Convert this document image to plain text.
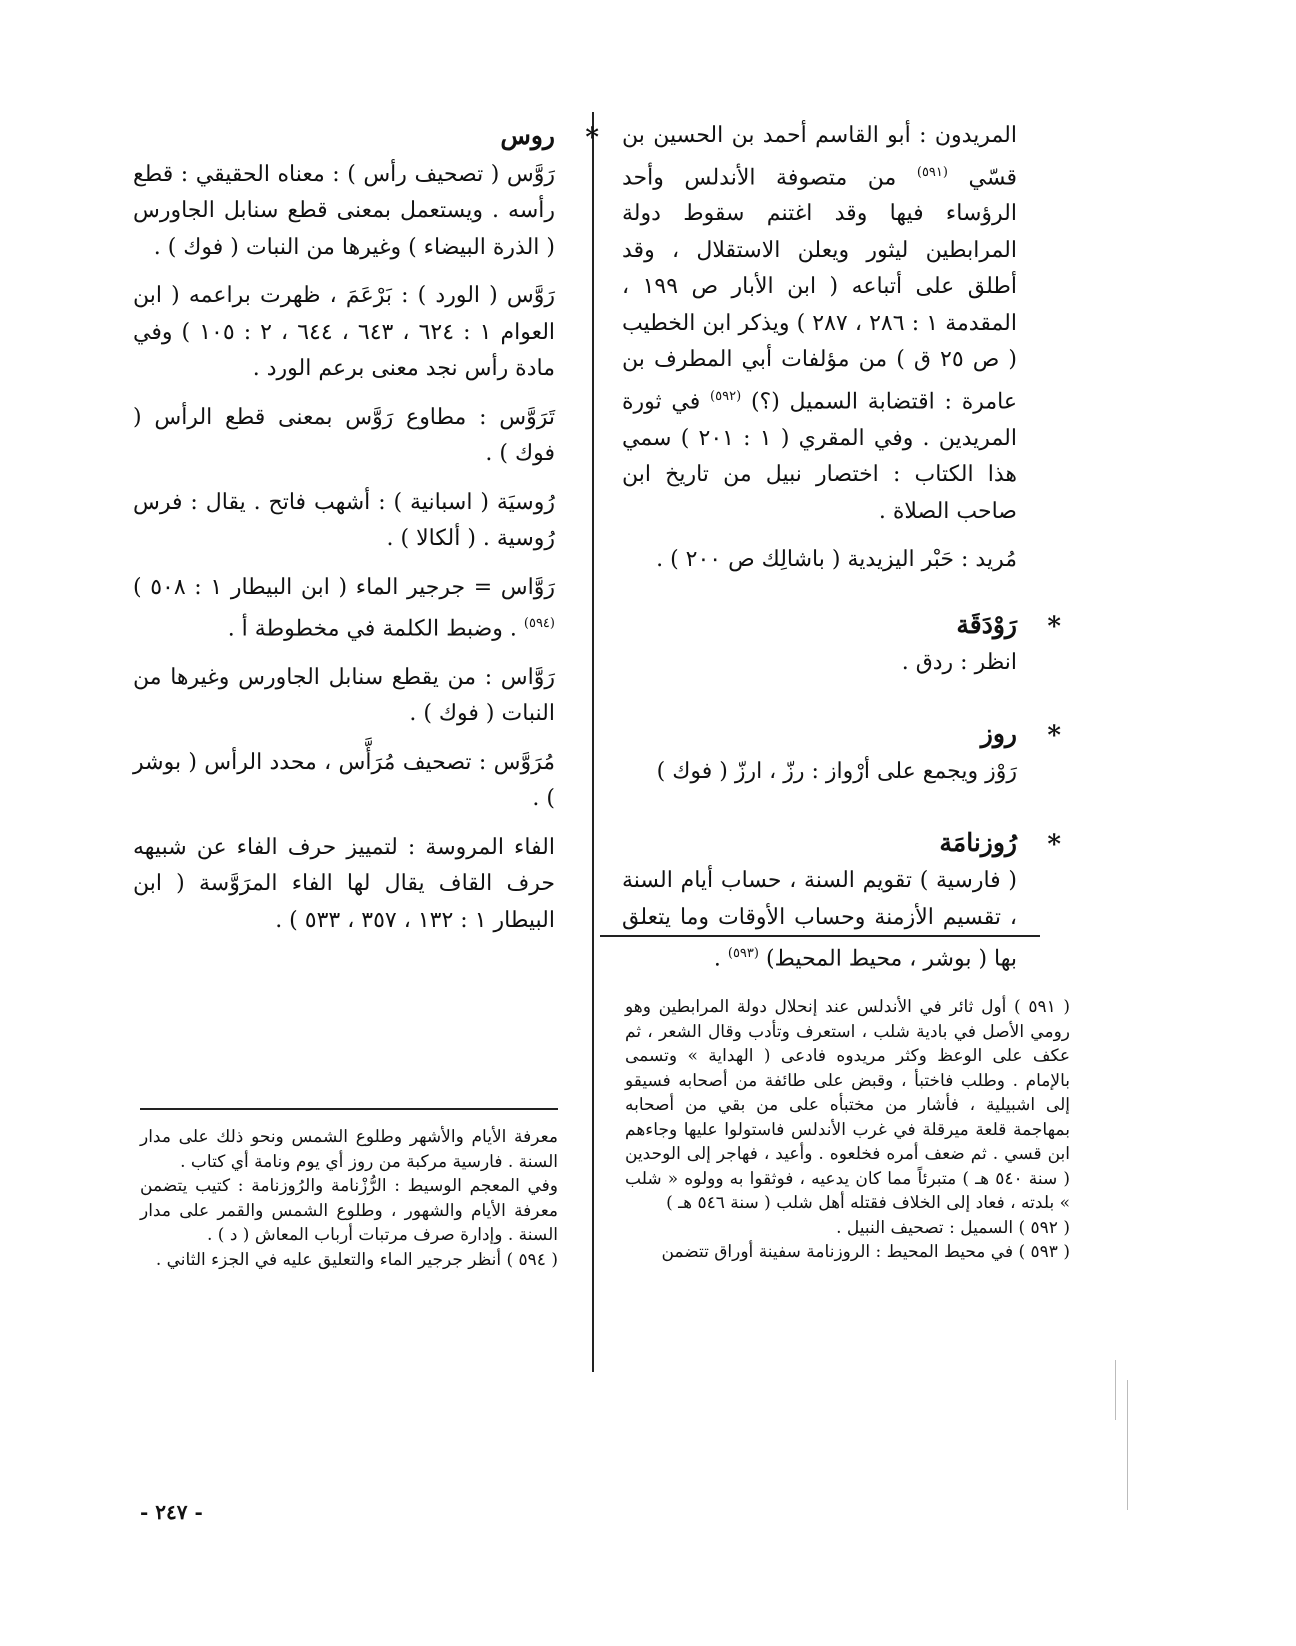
المريدون : أبو القاسم أحمد بن الحسين بن قسّي $^{(٥٩١)}$ من متصوفة الأندلس وأحد الرؤساء فيها وقد اغتنم سقوط دولة المرابطين ليثور ويعلن الاستقلال ، وقد أطلق على أتباعه ( ابن الأبار ص ١٩٩ ، المقدمة ١ : ٢٨٦ ، ٢٨٧ ) ويذكر ابن الخطيب ( ص ٢٥ ق ) من مؤلفات أبي المطرف بن عامرة : اقتضابة السميل (؟) $^{(٥٩٢)}$ في ثورة المريدين . وفي المقري ( ١ : ٢٠١ ) سمي هذا الكتاب : اختصار نبيل من تاريخ ابن صاحب الصلاة .

مُريد : حَبْر اليزيدية ( باشالِك ص ٢٠٠ ) .

*
رَوْدَقَة

انظر : ردق .

*
روز

رَوْز ويجمع على أرْواز : رزّ ، ارزّ ( فوك )

*
رُوزنامَة

( فارسية ) تقويم السنة ، حساب أيام السنة ، تقسيم الأزمنة وحساب الأوقات وما يتعلق بها ( بوشر ، محيط المحيط) $^{(٥٩٣)}$ .

( ٥٩١ ) أول ثائر في الأندلس عند إنحلال دولة المرابطين وهو رومي الأصل في بادية شلب ، استعرف وتأدب وقال الشعر ، ثم عكف على الوعظ وكثر مريدوه فادعى ( الهداية » وتسمى بالإمام . وطلب فاختبأ ، وقبض على طائفة من أصحابه فسيقو إلى اشبيلية ، فأشار من مختبأه على من بقي من أصحابه بمهاجمة قلعة ميرقلة في غرب الأندلس فاستولوا عليها وجاءهم ابن قسي . ثم ضعف أمره فخلعوه . وأعيد ، فهاجر إلى الوحدين ( سنة ٥٤٠ هـ ) متبرئاً مما كان يدعيه ، فوثقوا به وولوه « شلب » بلدته ، فعاد إلى الخلاف فقتله أهل شلب ( سنة ٥٤٦ هـ )

( ٥٩٢ ) السميل : تصحيف النبيل .

( ٥٩٣ ) في محيط المحيط : الروزنامة سفينة أوراق تتضمن

*
روس

رَوَّس ( تصحيف رأس ) : معناه الحقيقي : قطع رأسه . ويستعمل بمعنى قطع سنابل الجاورس ( الذرة البيضاء ) وغيرها من النبات ( فوك ) .

رَوَّس ( الورد ) : بَرْعَمَ ، ظهرت براعمه ( ابن العوام ١ : ٦٢٤ ، ٦٤٣ ، ٦٤٤ ، ٢ : ١٠٥ ) وفي مادة رأس نجد معنى برعم الورد .

تَرَوَّس : مطاوع رَوَّس بمعنى قطع الرأس ( فوك ) .

رُوسيَة ( اسبانية ) : أشهب فاتح . يقال : فرس رُوسية . ( ألكالا ) .

رَوَّاس = جرجير الماء ( ابن البيطار ١ : ٥٠٨ ) $^{(٥٩٤)}$ . وضبط الكلمة في مخطوطة أ .

رَوَّاس : من يقطع سنابل الجاورس وغيرها من النبات ( فوك ) .

مُرَوَّس : تصحيف مُرَأَّس ، محدد الرأس ( بوشر ) .

الفاء المروسة : لتمييز حرف الفاء عن شبيهه حرف القاف يقال لها الفاء المرَوَّسة ( ابن البيطار ١ : ١٣٢ ، ٣٥٧ ، ٥٣٣ ) .

معرفة الأيام والأشهر وطلوع الشمس ونحو ذلك على مدار السنة . فارسية مركبة من روز أي يوم ونامة أي كتاب .

وفي المعجم الوسيط : الرُّزْنامة والرُوزنامة : كتيب يتضمن معرفة الأيام والشهور ، وطلوع الشمس والقمر على مدار السنة . وإدارة صرف مرتبات أرباب المعاش ( د ) .

( ٥٩٤ ) أنظر جرجير الماء والتعليق عليه في الجزء الثاني .

- ٢٤٧ -
